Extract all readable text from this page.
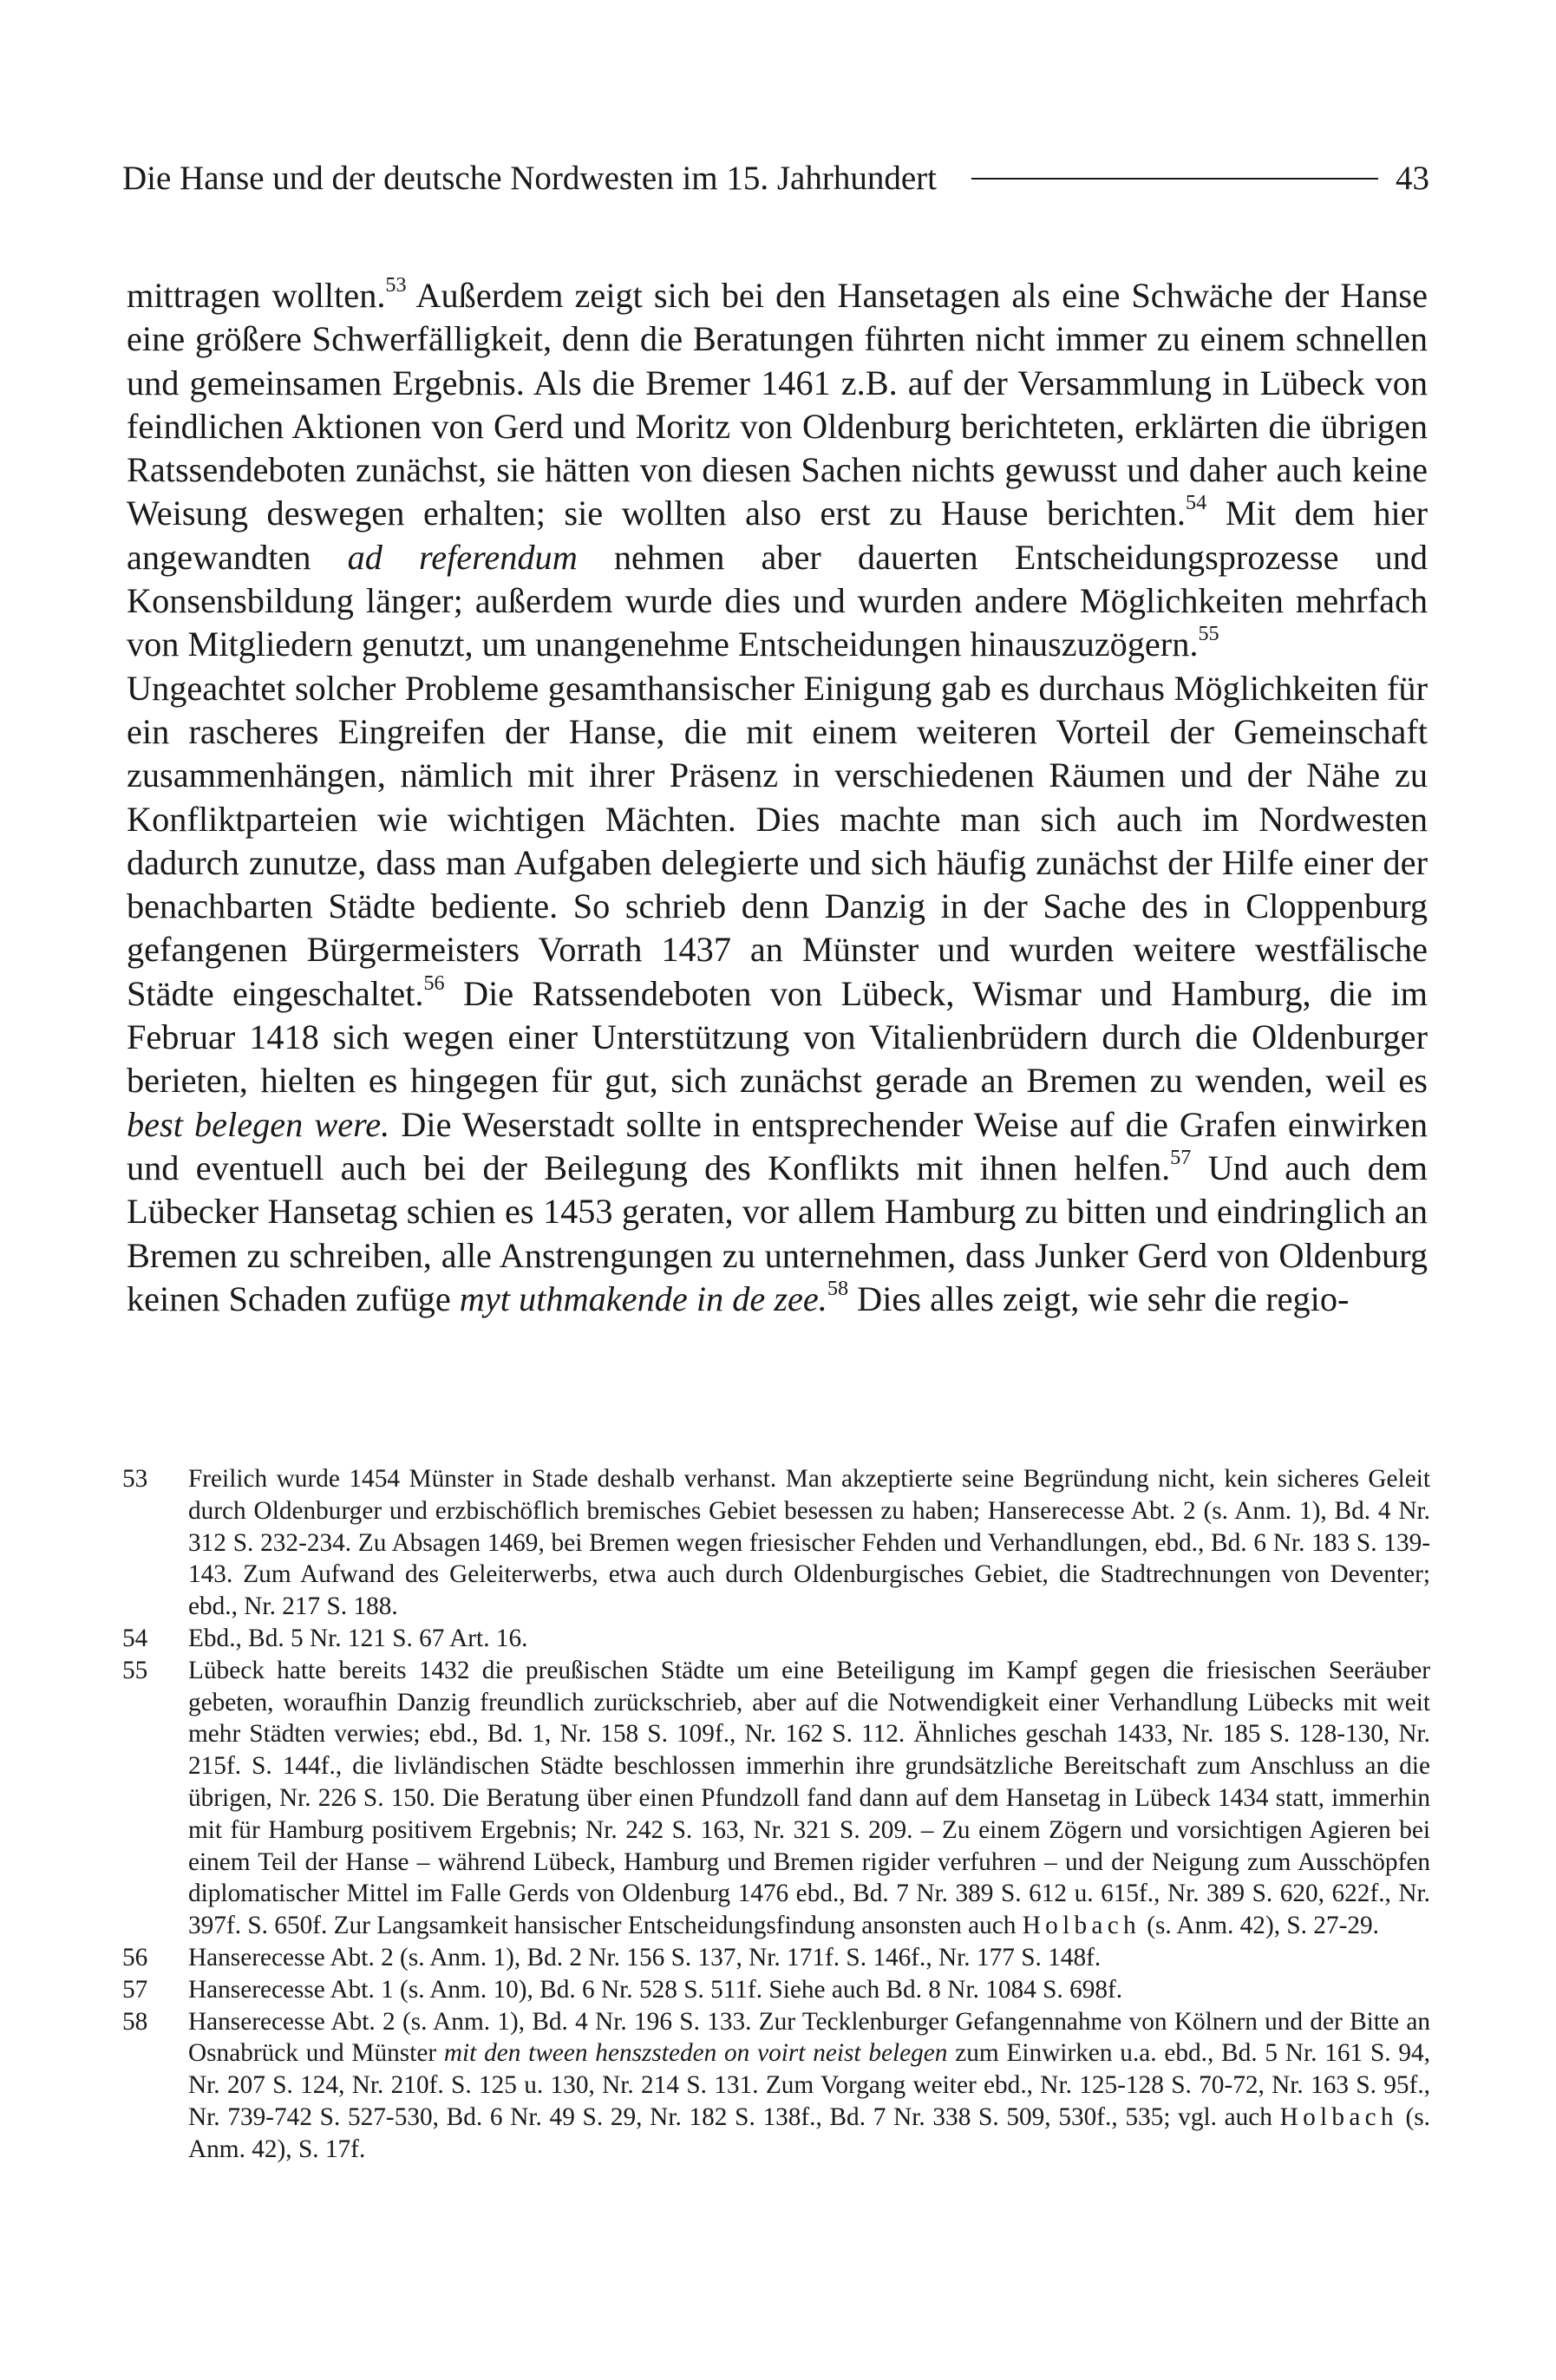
Die Hanse und der deutsche Nordwesten im 15. Jahrhundert	43

mittragen wollten.$^{53}$ Außerdem zeigt sich bei den Hansetagen als eine Schwäche der Hanse eine größere Schwerfälligkeit, denn die Beratungen führten nicht immer zu einem schnellen und gemeinsamen Ergebnis. Als die Bremer 1461 z.B. auf der Versammlung in Lübeck von feindlichen Aktionen von Gerd und Moritz von Oldenburg berichteten, erklärten die übrigen Ratssendeboten zunächst, sie hätten von diesen Sachen nichts gewusst und daher auch keine Weisung deswegen erhalten; sie wollten also erst zu Hause berichten.$^{54}$ Mit dem hier angewandten ad referendum nehmen aber dauerten Entscheidungsprozesse und Konsensbildung länger; außerdem wurde dies und wurden andere Möglichkeiten mehrfach von Mitgliedern genutzt, um unangenehme Entscheidungen hinauszuzögern.$^{55}$

Ungeachtet solcher Probleme gesamthansischer Einigung gab es durchaus Möglichkeiten für ein rascheres Eingreifen der Hanse, die mit einem weiteren Vorteil der Gemeinschaft zusammenhängen, nämlich mit ihrer Präsenz in verschiedenen Räumen und der Nähe zu Konfliktparteien wie wichtigen Mächten. Dies machte man sich auch im Nordwesten dadurch zunutze, dass man Aufgaben delegierte und sich häufig zunächst der Hilfe einer der benachbarten Städte bediente. So schrieb denn Danzig in der Sache des in Cloppenburg gefangenen Bürgermeisters Vorrath 1437 an Münster und wurden weitere westfälische Städte eingeschaltet.$^{56}$ Die Ratssendeboten von Lübeck, Wismar und Hamburg, die im Februar 1418 sich wegen einer Unterstützung von Vitalienbrüdern durch die Oldenburger berieten, hielten es hingegen für gut, sich zunächst gerade an Bremen zu wenden, weil es best belegen were. Die Weserstadt sollte in entsprechender Weise auf die Grafen einwirken und eventuell auch bei der Beilegung des Konflikts mit ihnen helfen.$^{57}$ Und auch dem Lübecker Hansetag schien es 1453 geraten, vor allem Hamburg zu bitten und eindringlich an Bremen zu schreiben, alle Anstrengungen zu unternehmen, dass Junker Gerd von Oldenburg keinen Schaden zufüge myt uthmakende in de zee.$^{58}$ Dies alles zeigt, wie sehr die regio-

53	Freilich wurde 1454 Münster in Stade deshalb verhanst. Man akzeptierte seine Begründung nicht, kein sicheres Geleit durch Oldenburger und erzbischöflich bremisches Gebiet besessen zu haben; Hanserecesse Abt. 2 (s. Anm. 1), Bd. 4 Nr. 312 S. 232-234. Zu Absagen 1469, bei Bremen wegen friesischer Fehden und Verhandlungen, ebd., Bd. 6 Nr. 183 S. 139-143. Zum Aufwand des Geleiterwerbs, etwa auch durch Oldenburgisches Gebiet, die Stadtrechnungen von Deventer; ebd., Nr. 217 S. 188.
54	Ebd., Bd. 5 Nr. 121 S. 67 Art. 16.
55	Lübeck hatte bereits 1432 die preußischen Städte um eine Beteiligung im Kampf gegen die friesischen Seeräuber gebeten, woraufhin Danzig freundlich zurückschrieb, aber auf die Notwendigkeit einer Verhandlung Lübecks mit weit mehr Städten verwies; ebd., Bd. 1, Nr. 158 S. 109f., Nr. 162 S. 112. Ähnliches geschah 1433, Nr. 185 S. 128-130, Nr. 215f. S. 144f., die livländischen Städte beschlossen immerhin ihre grundsätzliche Bereitschaft zum Anschluss an die übrigen, Nr. 226 S. 150. Die Beratung über einen Pfundzoll fand dann auf dem Hansetag in Lübeck 1434 statt, immerhin mit für Hamburg positivem Ergebnis; Nr. 242 S. 163, Nr. 321 S. 209. – Zu einem Zögern und vorsichtigen Agieren bei einem Teil der Hanse – während Lübeck, Hamburg und Bremen rigider verfuhren – und der Neigung zum Ausschöpfen diplomatischer Mittel im Falle Gerds von Oldenburg 1476 ebd., Bd. 7 Nr. 389 S. 612 u. 615f., Nr. 389 S. 620, 622f., Nr. 397f. S. 650f. Zur Langsamkeit hansischer Entscheidungsfindung ansonsten auch Holbach (s. Anm. 42), S. 27-29.
56	Hanserecesse Abt. 2 (s. Anm. 1), Bd. 2 Nr. 156 S. 137, Nr. 171f. S. 146f., Nr. 177 S. 148f.
57	Hanserecesse Abt. 1 (s. Anm. 10), Bd. 6 Nr. 528 S. 511f. Siehe auch Bd. 8 Nr. 1084 S. 698f.
58	Hanserecesse Abt. 2 (s. Anm. 1), Bd. 4 Nr. 196 S. 133. Zur Tecklenburger Gefangennahme von Kölnern und der Bitte an Osnabrück und Münster mit den tween henszsteden on voirt neist belegen zum Einwirken u.a. ebd., Bd. 5 Nr. 161 S. 94, Nr. 207 S. 124, Nr. 210f. S. 125 u. 130, Nr. 214 S. 131. Zum Vorgang weiter ebd., Nr. 125-128 S. 70-72, Nr. 163 S. 95f., Nr. 739-742 S. 527-530, Bd. 6 Nr. 49 S. 29, Nr. 182 S. 138f., Bd. 7 Nr. 338 S. 509, 530f., 535; vgl. auch Holbach (s. Anm. 42), S. 17f.
